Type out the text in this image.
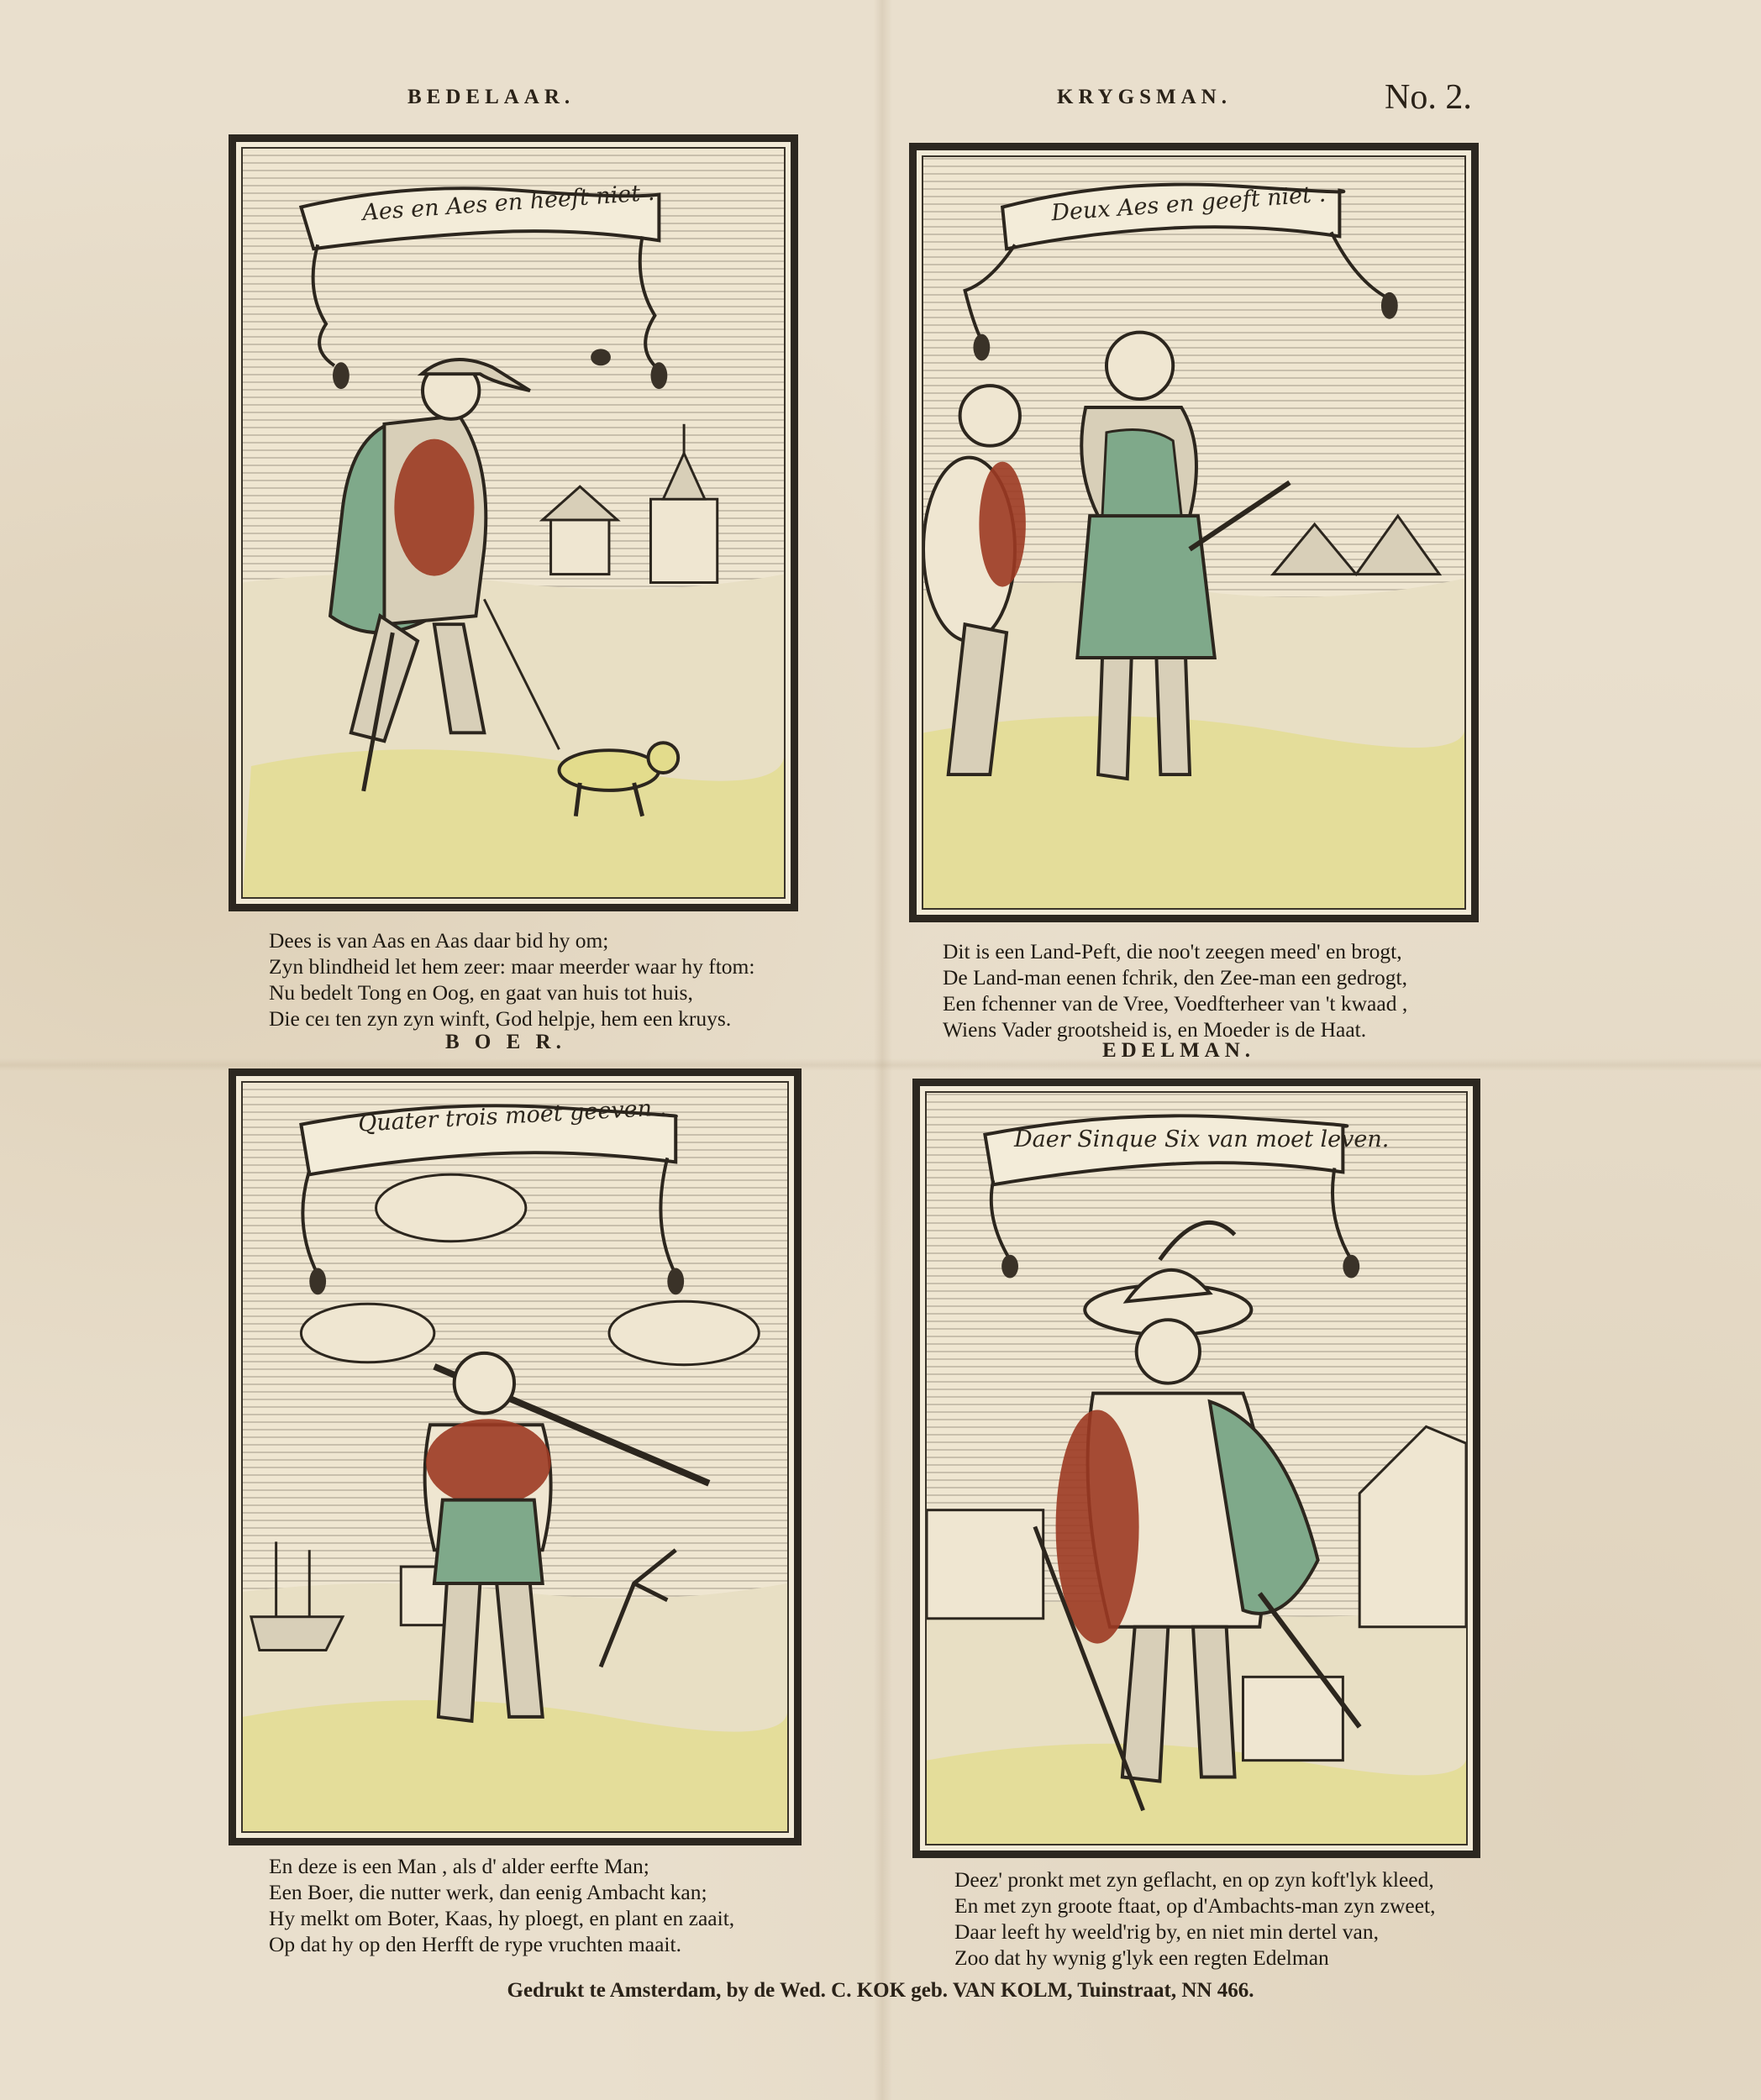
BEDELAAR.	KRYGSMAN.	No. 2.
Aes en Aes en heeft niet .	Deux Aes en geeft niet .
Dees is van Aas en Aas daar bid hy om;
Zyn blindheid let hem zeer: maar meerder waar hy ftom:
Nu bedelt Tong en Oog, en gaat van huis tot huis,
Die ceı ten zyn zyn winft, God helpje, hem een kruys.
Dit is een Land-Peft, die noo't zeegen meed' en brogt,
De Land-man eenen fchrik, den Zee-man een gedrogt,
Een fchenner van de Vree, Voedfterheer van 't kwaad ,
Wiens Vader grootsheid is, en Moeder is de Haat.
B O E R.	EDELMAN.
Quater trois moet geeven .
Daer Sinque Six van moet leven.
En deze is een Man , als d' alder eerfte Man;
Een Boer, die nutter werk, dan eenig Ambacht kan;
Hy melkt om Boter, Kaas, hy ploegt, en plant en zaait,
Op dat hy op den Herfft de rype vruchten maait.
Deez' pronkt met zyn geflacht, en op zyn koft'lyk kleed,
En met zyn groote ftaat, op d'Ambachts-man zyn zweet,
Daar leeft hy weeld'rig by, en niet min dertel van,
Zoo dat hy wynig g'lyk een regten Edelman
Gedrukt te Amsterdam, by de Wed. C. KOK geb. VAN KOLM, Tuinstraat, NN 466.
